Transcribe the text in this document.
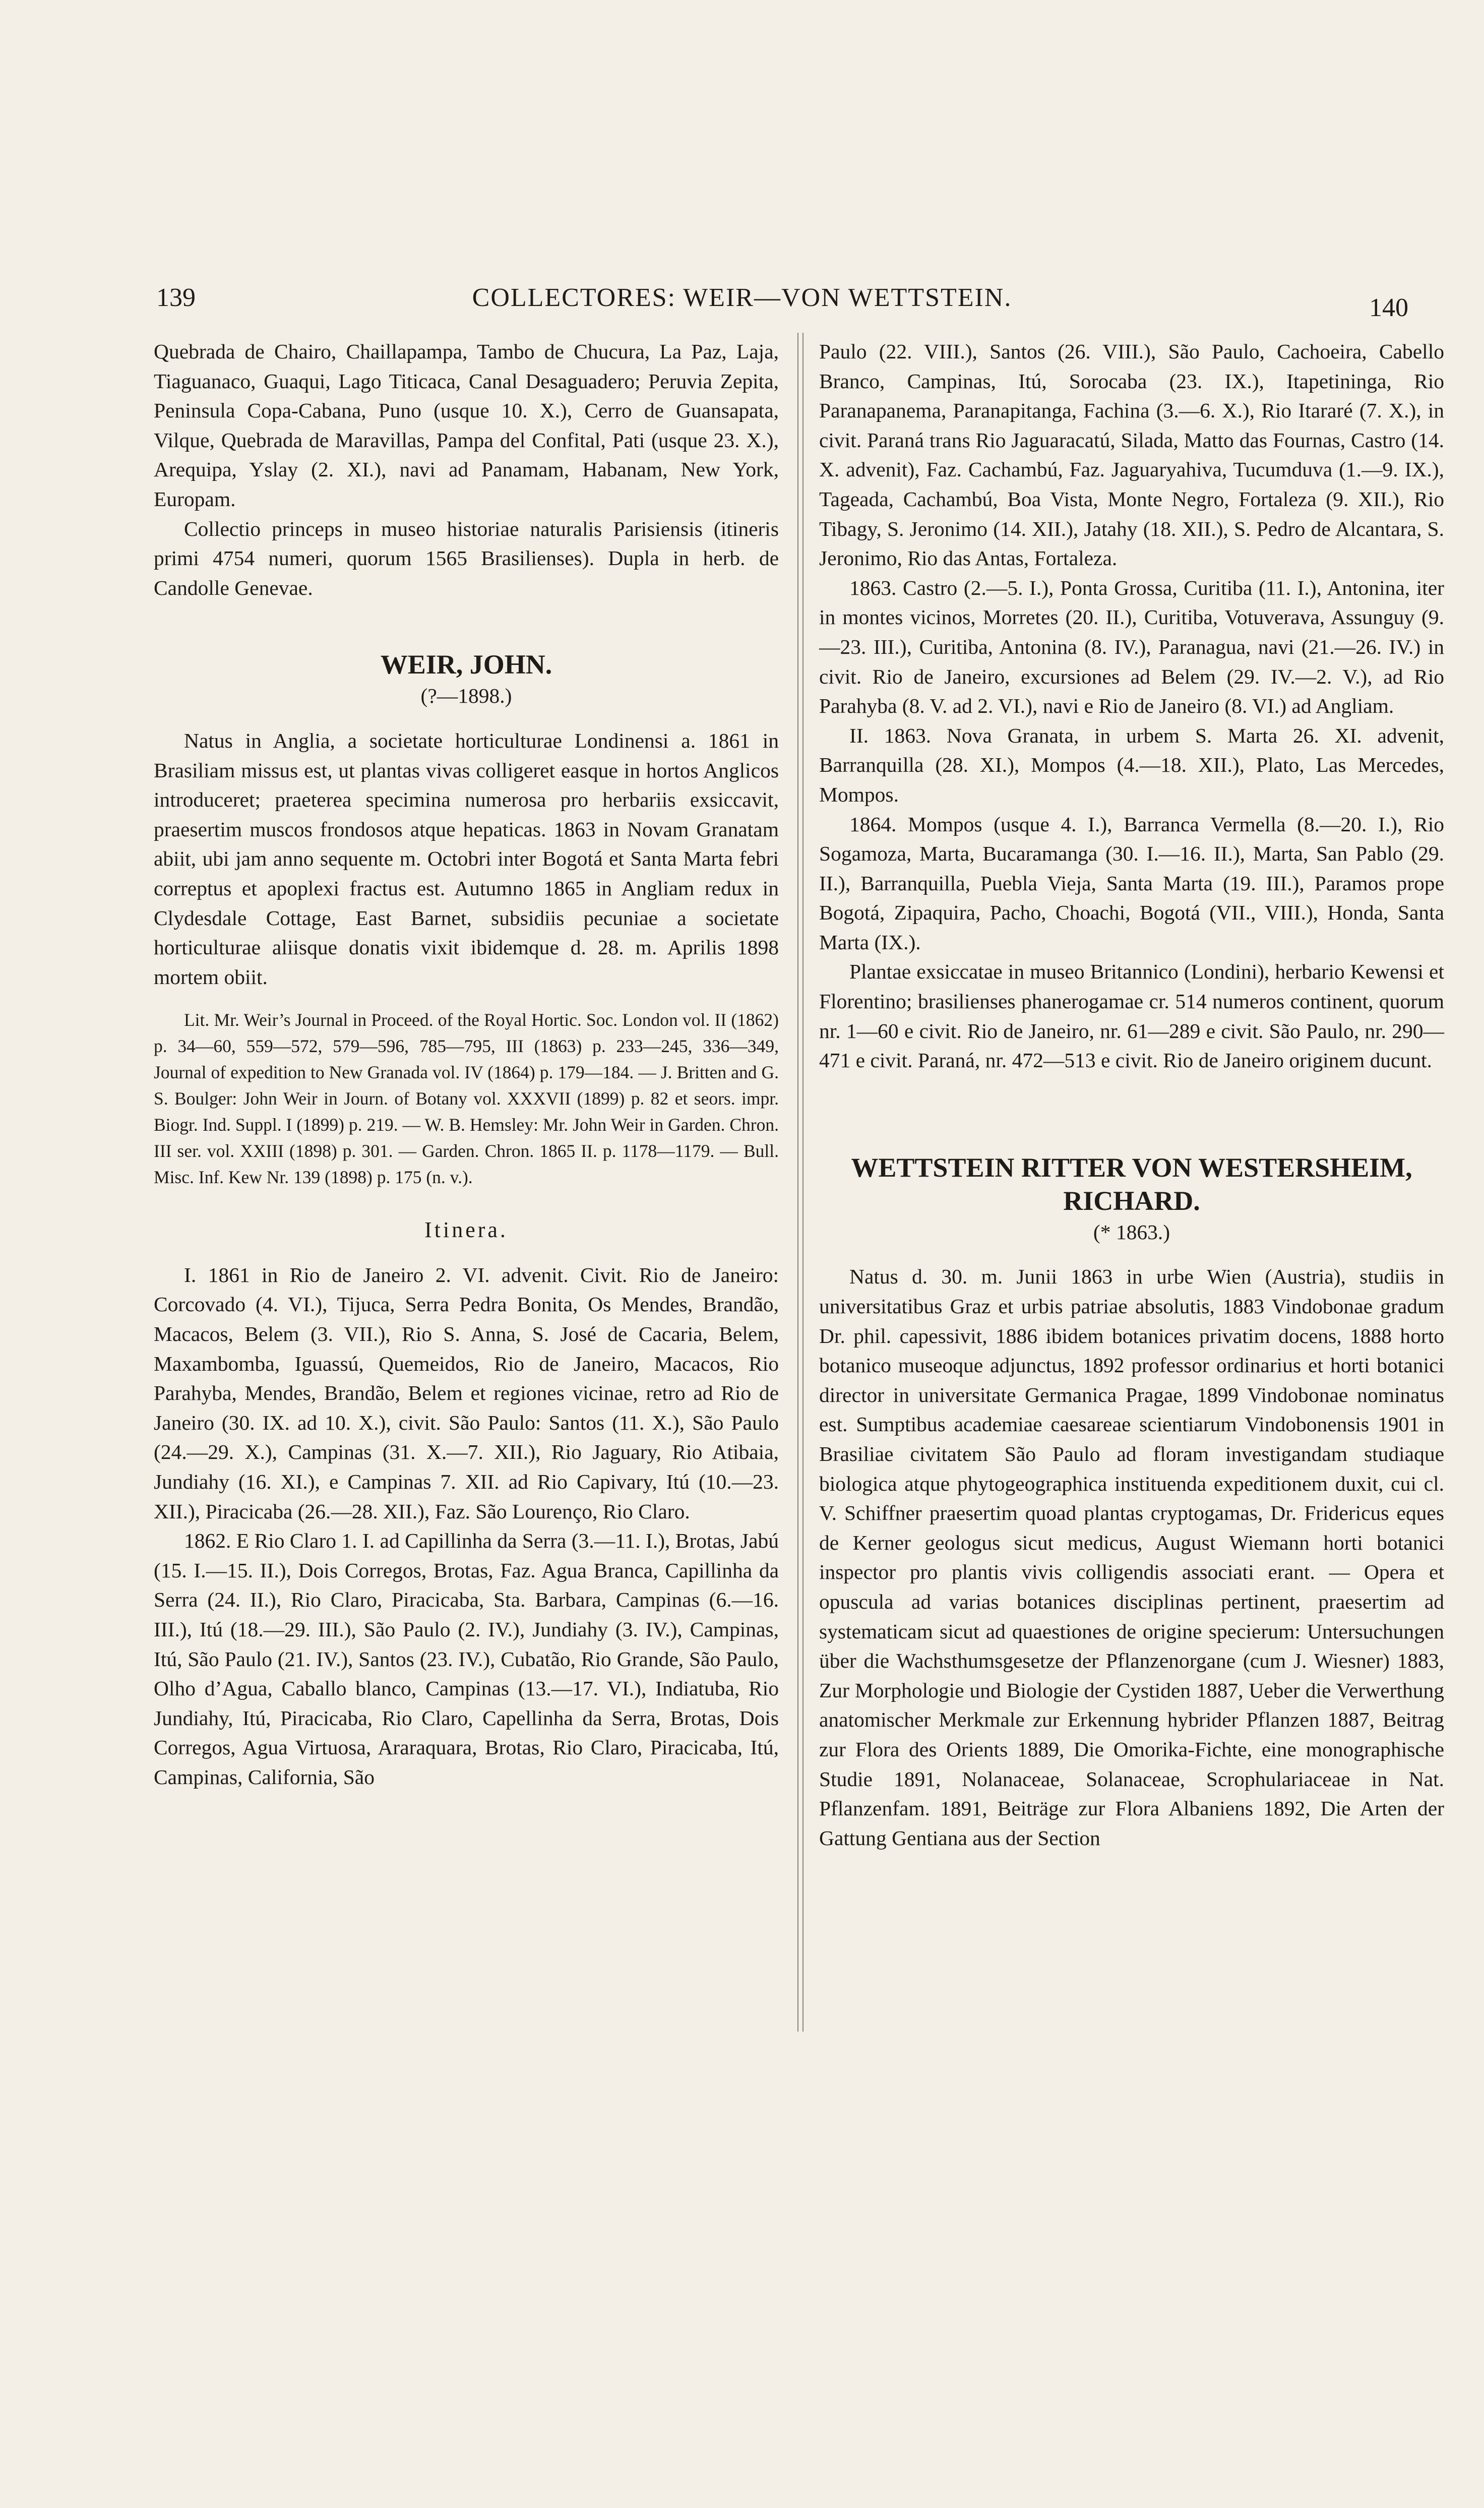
139	COLLECTORES: WEIR—VON WETTSTEIN.	140

Quebrada de Chairo, Chaillapampa, Tambo de Chucura, La Paz, Laja, Tiaguanaco, Guaqui, Lago Titicaca, Canal Desaguadero; Peruvia Zepita, Peninsula Copa-Cabana, Puno (usque 10. X.), Cerro de Guansapata, Vilque, Quebrada de Maravillas, Pampa del Confital, Pati (usque 23. X.), Arequipa, Yslay (2. XI.), navi ad Panamam, Habanam, New York, Europam.

Collectio princeps in museo historiae naturalis Parisiensis (itineris primi 4754 numeri, quorum 1565 Brasilienses). Dupla in herb. de Candolle Genevae.

WEIR, JOHN.

(?—1898.)

Natus in Anglia, a societate horticulturae Londinensi a. 1861 in Brasiliam missus est, ut plantas vivas colligeret easque in hortos Anglicos introduceret; praeterea specimina numerosa pro herbariis exsiccavit, praesertim muscos frondosos atque hepaticas. 1863 in Novam Granatam abiit, ubi jam anno sequente m. Octobri inter Bogotá et Santa Marta febri correptus et apoplexi fractus est. Autumno 1865 in Angliam redux in Clydesdale Cottage, East Barnet, subsidiis pecuniae a societate horticulturae aliisque donatis vixit ibidemque d. 28. m. Aprilis 1898 mortem obiit.

Lit. Mr. Weir’s Journal in Proceed. of the Royal Hortic. Soc. London vol. II (1862) p. 34—60, 559—572, 579—596, 785—795, III (1863) p. 233—245, 336—349, Journal of expedition to New Granada vol. IV (1864) p. 179—184. — J. Britten and G. S. Boulger: John Weir in Journ. of Botany vol. XXXVII (1899) p. 82 et seors. impr. Biogr. Ind. Suppl. I (1899) p. 219. — W. B. Hemsley: Mr. John Weir in Garden. Chron. III ser. vol. XXIII (1898) p. 301. — Garden. Chron. 1865 II. p. 1178—1179. — Bull. Misc. Inf. Kew Nr. 139 (1898) p. 175 (n. v.).

Itinera.

I. 1861 in Rio de Janeiro 2. VI. advenit. Civit. Rio de Janeiro: Corcovado (4. VI.), Tijuca, Serra Pedra Bonita, Os Mendes, Brandão, Macacos, Belem (3. VII.), Rio S. Anna, S. José de Cacaria, Belem, Maxambomba, Iguassú, Quemeidos, Rio de Janeiro, Macacos, Rio Parahyba, Mendes, Brandão, Belem et regiones vicinae, retro ad Rio de Janeiro (30. IX. ad 10. X.), civit. São Paulo: Santos (11. X.), São Paulo (24.—29. X.), Campinas (31. X.—7. XII.), Rio Jaguary, Rio Atibaia, Jundiahy (16. XI.), e Campinas 7. XII. ad Rio Capivary, Itú (10.—23. XII.), Piracicaba (26.—28. XII.), Faz. São Lourenço, Rio Claro.

1862. E Rio Claro 1. I. ad Capillinha da Serra (3.—11. I.), Brotas, Jabú (15. I.—15. II.), Dois Corregos, Brotas, Faz. Agua Branca, Capillinha da Serra (24. II.), Rio Claro, Piracicaba, Sta. Barbara, Campinas (6.—16. III.), Itú (18.—29. III.), São Paulo (2. IV.), Jundiahy (3. IV.), Campinas, Itú, São Paulo (21. IV.), Santos (23. IV.), Cubatão, Rio Grande, São Paulo, Olho d’Agua, Caballo blanco, Campinas (13.—17. VI.), Indiatuba, Rio Jundiahy, Itú, Piracicaba, Rio Claro, Capellinha da Serra, Brotas, Dois Corregos, Agua Virtuosa, Araraquara, Brotas, Rio Claro, Piracicaba, Itú, Campinas, California, São

Paulo (22. VIII.), Santos (26. VIII.), São Paulo, Cachoeira, Cabello Branco, Campinas, Itú, Sorocaba (23. IX.), Itapetininga, Rio Paranapanema, Paranapitanga, Fachina (3.—6. X.), Rio Itararé (7. X.), in civit. Paraná trans Rio Jaguaracatú, Silada, Matto das Fournas, Castro (14. X. advenit), Faz. Cachambú, Faz. Jaguaryahiva, Tucumduva (1.—9. IX.), Tageada, Cachambú, Boa Vista, Monte Negro, Fortaleza (9. XII.), Rio Tibagy, S. Jeronimo (14. XII.), Jatahy (18. XII.), S. Pedro de Alcantara, S. Jeronimo, Rio das Antas, Fortaleza.

1863. Castro (2.—5. I.), Ponta Grossa, Curitiba (11. I.), Antonina, iter in montes vicinos, Morretes (20. II.), Curitiba, Votuverava, Assunguy (9.—23. III.), Curitiba, Antonina (8. IV.), Paranagua, navi (21.—26. IV.) in civit. Rio de Janeiro, excursiones ad Belem (29. IV.—2. V.), ad Rio Parahyba (8. V. ad 2. VI.), navi e Rio de Janeiro (8. VI.) ad Angliam.

II. 1863. Nova Granata, in urbem S. Marta 26. XI. advenit, Barranquilla (28. XI.), Mompos (4.—18. XII.), Plato, Las Mercedes, Mompos.

1864. Mompos (usque 4. I.), Barranca Vermella (8.—20. I.), Rio Sogamoza, Marta, Bucaramanga (30. I.—16. II.), Marta, San Pablo (29. II.), Barranquilla, Puebla Vieja, Santa Marta (19. III.), Paramos prope Bogotá, Zipaquira, Pacho, Choachi, Bogotá (VII., VIII.), Honda, Santa Marta (IX.).

Plantae exsiccatae in museo Britannico (Londini), herbario Kewensi et Florentino; brasilienses phanerogamae cr. 514 numeros continent, quorum nr. 1—60 e civit. Rio de Janeiro, nr. 61—289 e civit. São Paulo, nr. 290—471 e civit. Paraná, nr. 472—513 e civit. Rio de Janeiro originem ducunt.

WETTSTEIN RITTER VON WESTERSHEIM,

RICHARD.

(* 1863.)

Natus d. 30. m. Junii 1863 in urbe Wien (Austria), studiis in universitatibus Graz et urbis patriae absolutis, 1883 Vindobonae gradum Dr. phil. capessivit, 1886 ibidem botanices privatim docens, 1888 horto botanico museoque adjunctus, 1892 professor ordinarius et horti botanici director in universitate Germanica Pragae, 1899 Vindobonae nominatus est. Sumptibus academiae caesareae scientiarum Vindobonensis 1901 in Brasiliae civitatem São Paulo ad floram investigandam studiaque biologica atque phytogeographica instituenda expeditionem duxit, cui cl. V. Schiffner praesertim quoad plantas cryptogamas, Dr. Fridericus eques de Kerner geologus sicut medicus, August Wiemann horti botanici inspector pro plantis vivis colligendis associati erant. — Opera et opuscula ad varias botanices disciplinas pertinent, praesertim ad systematicam sicut ad quaestiones de origine specierum: Untersuchungen über die Wachsthumsgesetze der Pflanzenorgane (cum J. Wiesner) 1883, Zur Morphologie und Biologie der Cystiden 1887, Ueber die Verwerthung anatomischer Merkmale zur Erkennung hybrider Pflanzen 1887, Beitrag zur Flora des Orients 1889, Die Omorika-Fichte, eine monographische Studie 1891, Nolanaceae, Solanaceae, Scrophulariaceae in Nat. Pflanzenfam. 1891, Beiträge zur Flora Albaniens 1892, Die Arten der Gattung Gentiana aus der Section
